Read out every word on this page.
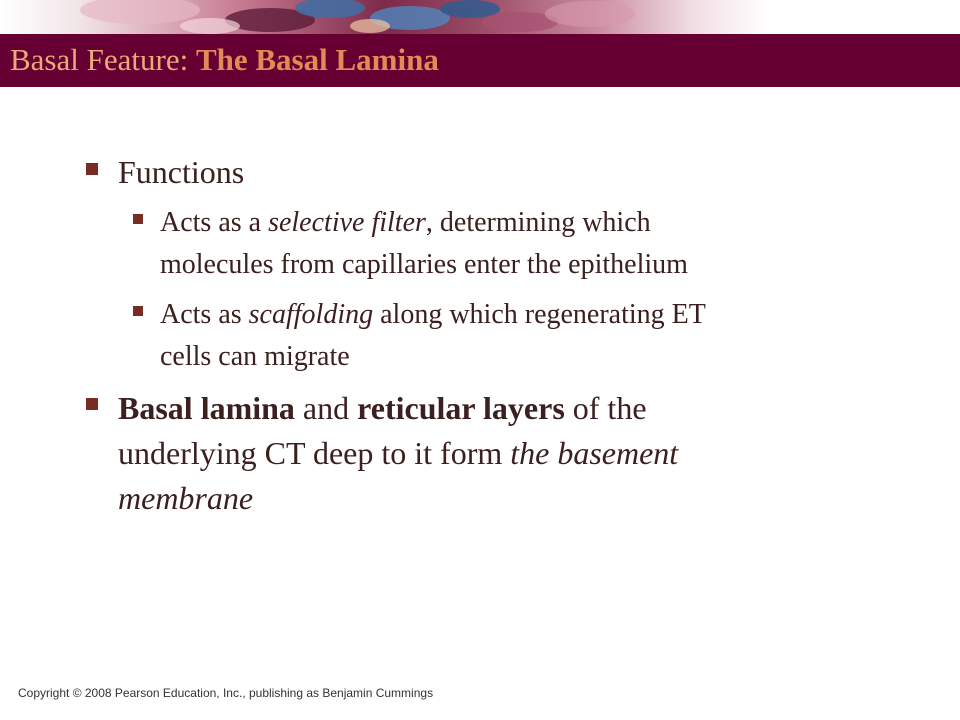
Basal Feature: The Basal Lamina
Functions
Acts as a selective filter, determining which
molecules from capillaries enter the epithelium
Acts as scaffolding along which regenerating ET
cells can migrate
Basal lamina and reticular layers of the
underlying CT deep to it form the basement
membrane
Copyright © 2008 Pearson Education, Inc., publishing as Benjamin Cummings
